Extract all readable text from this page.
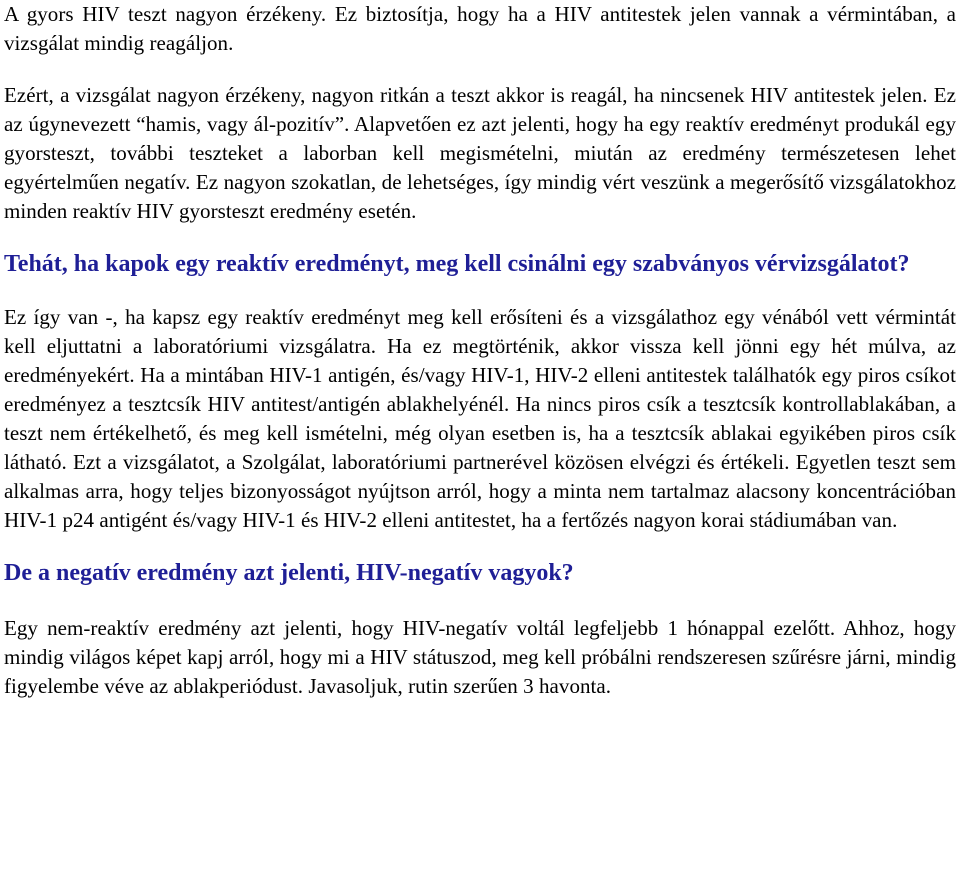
A gyors HIV teszt nagyon érzékeny. Ez biztosítja, hogy ha a HIV antitestek jelen vannak a vérmintában, a vizsgálat mindig reagáljon.

Ezért, a vizsgálat nagyon érzékeny, nagyon ritkán a teszt akkor is reagál, ha nincsenek HIV antitestek jelen. Ez az úgynevezett “hamis, vagy ál-pozitív”. Alapvetően ez azt jelenti, hogy ha egy reaktív eredményt produkál egy gyorsteszt, további teszteket a laborban kell megismételni, miután az eredmény természetesen lehet egyértelműen negatív. Ez nagyon szokatlan, de lehetséges, így mindig vért veszünk a megerősítő vizsgálatokhoz minden reaktív HIV gyorsteszt eredmény esetén.

Tehát, ha kapok egy reaktív eredményt, meg kell csinálni egy szabványos vérvizsgálatot?

Ez így van -, ha kapsz egy reaktív eredményt meg kell erősíteni és a vizsgálathoz egy vénából vett vérmintát kell eljuttatni a laboratóriumi vizsgálatra. Ha ez megtörténik, akkor vissza kell jönni egy hét múlva, az eredményekért. Ha a mintában HIV-1 antigén, és/vagy HIV-1, HIV-2 elleni antitestek találhatók egy piros csíkot eredményez a tesztcsík HIV antitest/antigén ablakhelyénél. Ha nincs piros csík a tesztcsík kontrollablakában, a teszt nem értékelhető, és meg kell ismételni, még olyan esetben is, ha a tesztcsík ablakai egyikében piros csík látható. Ezt a vizsgálatot, a Szolgálat, laboratóriumi partnerével közösen elvégzi és értékeli. Egyetlen teszt sem alkalmas arra, hogy teljes bizonyosságot nyújtson arról, hogy a minta nem tartalmaz alacsony koncentrációban HIV-1 p24 antigént és/vagy HIV-1 és HIV-2 elleni antitestet, ha a fertőzés nagyon korai stádiumában van.

De a negatív eredmény azt jelenti, HIV-negatív vagyok?

Egy nem-reaktív eredmény azt jelenti, hogy HIV-negatív voltál legfeljebb 1 hónappal ezelőtt. Ahhoz, hogy mindig világos képet kapj arról, hogy mi a HIV státuszod, meg kell próbálni rendszeresen szűrésre járni, mindig figyelembe véve az ablakperiódust. Javasoljuk, rutin szerűen 3 havonta.
